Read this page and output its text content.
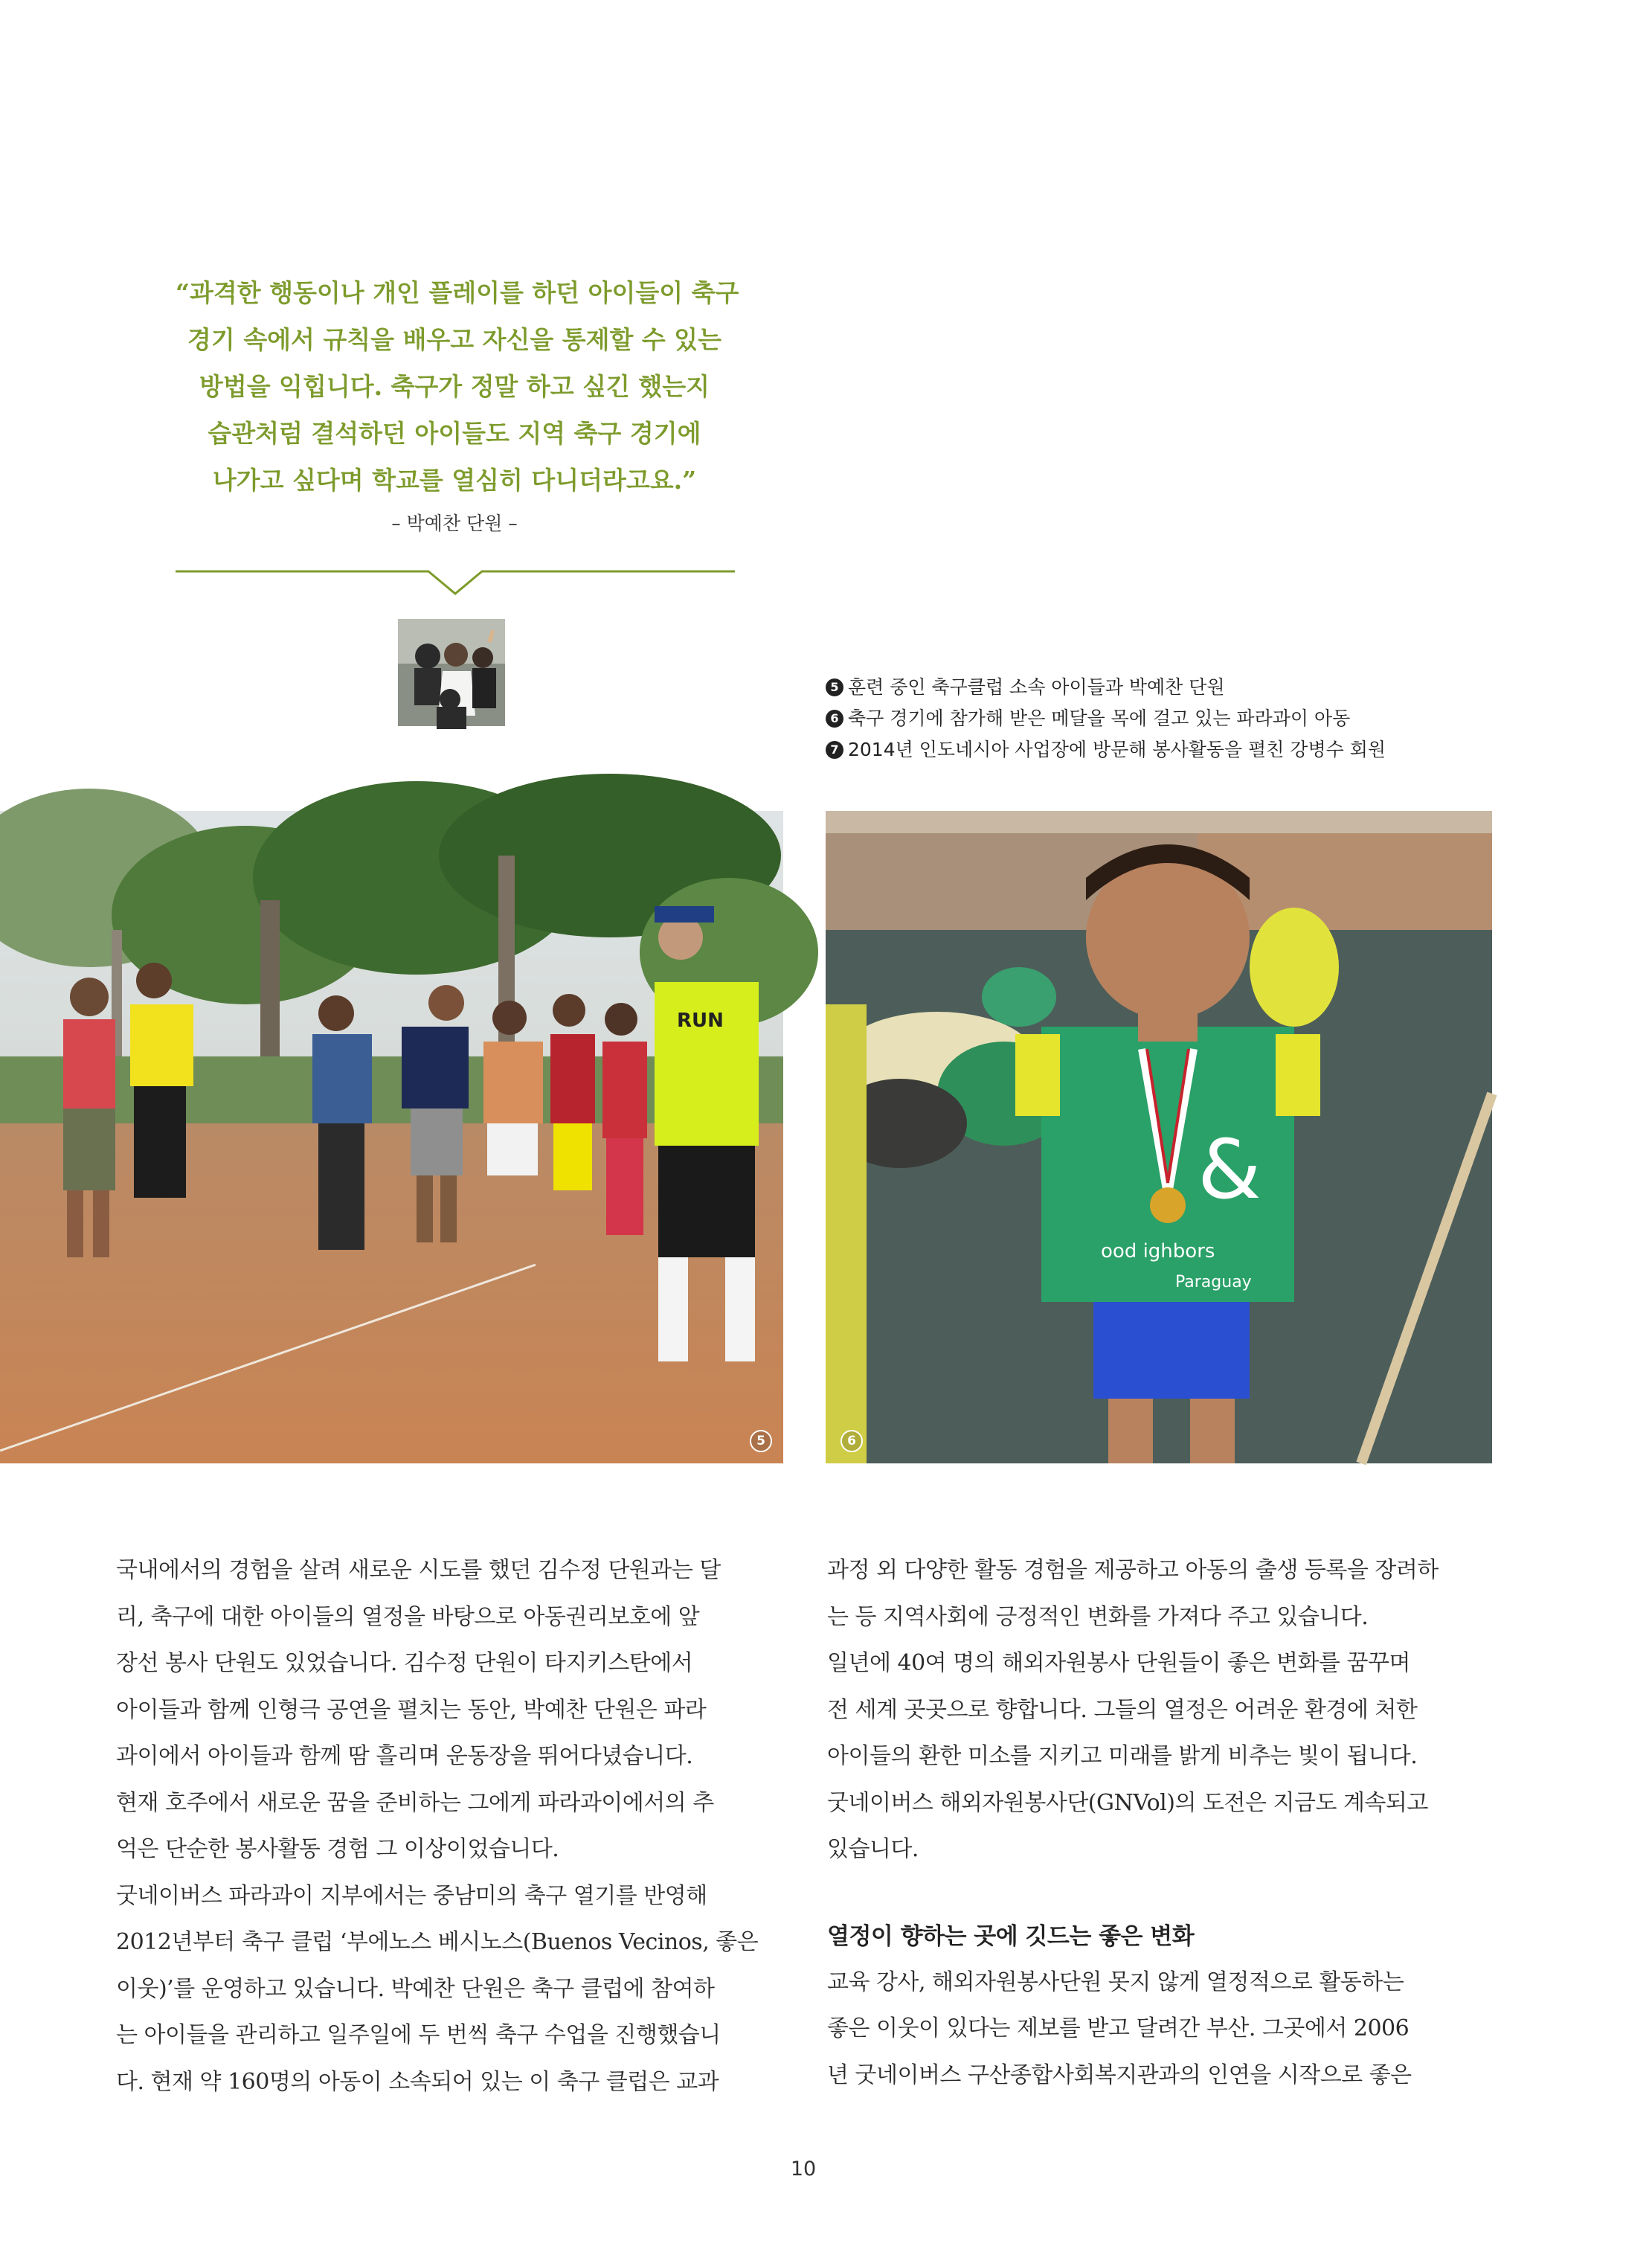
“과격한 행동이나 개인 플레이를 하던 아이들이 축구
경기 속에서 규칙을 배우고 자신을 통제할 수 있는
방법을 익힙니다. 축구가 정말 하고 싶긴 했는지
습관처럼 결석하던 아이들도 지역 축구 경기에
나가고 싶다며 학교를 열심히 다니더라고요.”
– 박예찬 단원 –
5 훈련 중인 축구클럽 소속 아이들과 박예찬 단원
6 축구 경기에 참가해 받은 메달을 목에 걸고 있는 파라과이 아동
7 2014년 인도네시아 사업장에 방문해 봉사활동을 펼친 강병수 회원
RUN
5
&
ood ighbors
Paraguay
6
© Good Neighbors
국내에서의 경험을 살려 새로운 시도를 했던 김수정 단원과는 달
리, 축구에 대한 아이들의 열정을 바탕으로 아동권리보호에 앞
장선 봉사 단원도 있었습니다. 김수정 단원이 타지키스탄에서
아이들과 함께 인형극 공연을 펼치는 동안, 박예찬 단원은 파라
과이에서 아이들과 함께 땀 흘리며 운동장을 뛰어다녔습니다.
현재 호주에서 새로운 꿈을 준비하는 그에게 파라과이에서의 추
억은 단순한 봉사활동 경험 그 이상이었습니다.
굿네이버스 파라과이 지부에서는 중남미의 축구 열기를 반영해
2012년부터 축구 클럽 ‘부에노스 베시노스(Buenos Vecinos, 좋은
이웃)’를 운영하고 있습니다. 박예찬 단원은 축구 클럽에 참여하
는 아이들을 관리하고 일주일에 두 번씩 축구 수업을 진행했습니
다. 현재 약 160명의 아동이 소속되어 있는 이 축구 클럽은 교과
과정 외 다양한 활동 경험을 제공하고 아동의 출생 등록을 장려하
는 등 지역사회에 긍정적인 변화를 가져다 주고 있습니다.
일년에 40여 명의 해외자원봉사 단원들이 좋은 변화를 꿈꾸며
전 세계 곳곳으로 향합니다. 그들의 열정은 어려운 환경에 처한
아이들의 환한 미소를 지키고 미래를 밝게 비추는 빛이 됩니다.
굿네이버스 해외자원봉사단(GNVol)의 도전은 지금도 계속되고
있습니다.
열정이 향하는 곳에 깃드는 좋은 변화
교육 강사, 해외자원봉사단원 못지 않게 열정적으로 활동하는
좋은 이웃이 있다는 제보를 받고 달려간 부산. 그곳에서 2006
년 굿네이버스 구산종합사회복지관과의 인연을 시작으로 좋은
10
